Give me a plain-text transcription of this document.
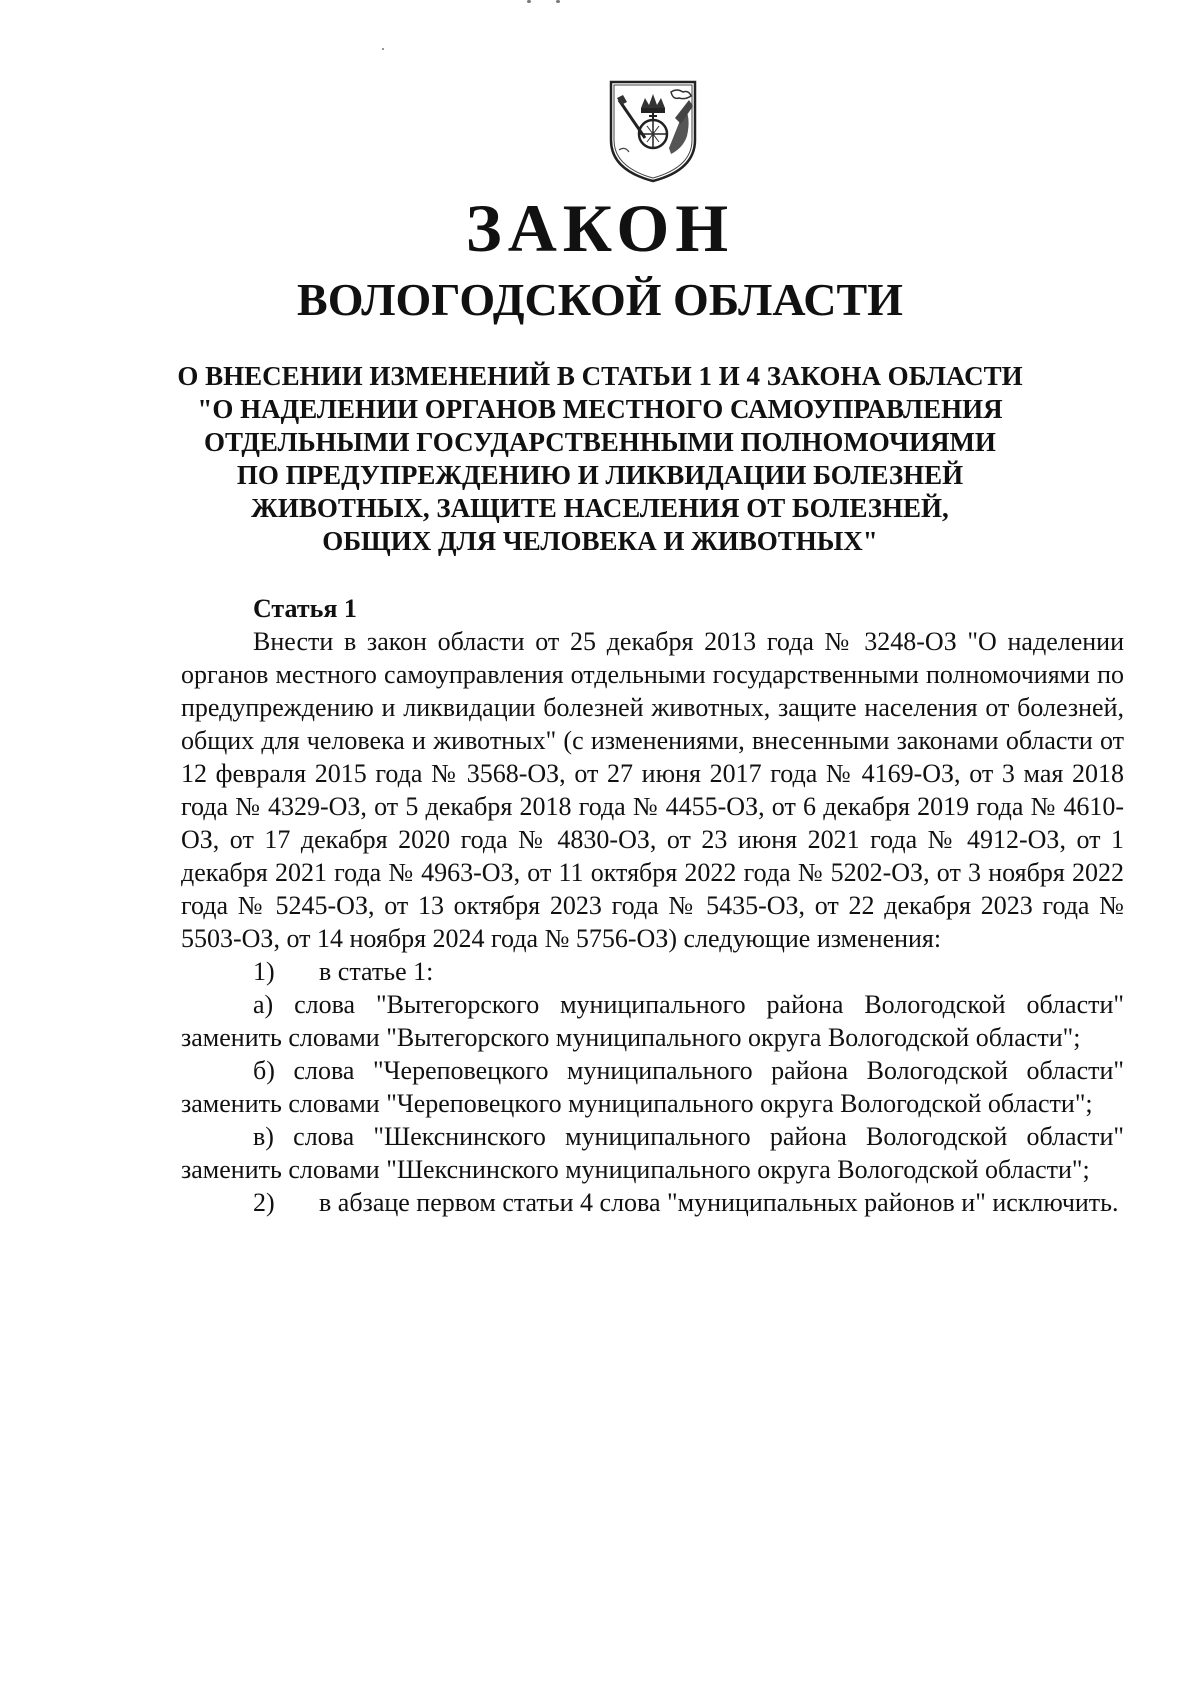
ЗАКОН
ВОЛОГОДСКОЙ ОБЛАСТИ
О ВНЕСЕНИИ ИЗМЕНЕНИЙ В СТАТЬИ 1 И 4 ЗАКОНА ОБЛАСТИ
"О НАДЕЛЕНИИ ОРГАНОВ МЕСТНОГО САМОУПРАВЛЕНИЯ
ОТДЕЛЬНЫМИ ГОСУДАРСТВЕННЫМИ ПОЛНОМОЧИЯМИ
ПО ПРЕДУПРЕЖДЕНИЮ И ЛИКВИДАЦИИ БОЛЕЗНЕЙ
ЖИВОТНЫХ, ЗАЩИТЕ НАСЕЛЕНИЯ ОТ БОЛЕЗНЕЙ,
ОБЩИХ ДЛЯ ЧЕЛОВЕКА И ЖИВОТНЫХ"
Статья 1

Внести в закон области от 25 декабря 2013 года № 3248-ОЗ "О наделении органов местного самоуправления отдельными государственными полномочиями по предупреждению и ликвидации болезней животных, защите населения от болезней, общих для человека и животных" (с изменениями, внесенными законами области от 12 февраля 2015 года № 3568-ОЗ, от 27 июня 2017 года № 4169-ОЗ, от 3 мая 2018 года № 4329-ОЗ, от 5 декабря 2018 года № 4455-ОЗ, от 6 декабря 2019 года № 4610-ОЗ, от 17 декабря 2020 года № 4830-ОЗ, от 23 июня 2021 года № 4912-ОЗ, от 1 декабря 2021 года № 4963-ОЗ, от 11 октября 2022 года № 5202-ОЗ, от 3 ноября 2022 года № 5245-ОЗ, от 13 октября 2023 года № 5435-ОЗ, от 22 декабря 2023 года № 5503-ОЗ, от 14 ноября 2024 года № 5756-ОЗ) следующие изменения:

1) в статье 1:

а) слова "Вытегорского муниципального района Вологодской области" заменить словами "Вытегорского муниципального округа Вологодской области";

б) слова "Череповецкого муниципального района Вологодской области" заменить словами "Череповецкого муниципального округа Вологодской области";

в) слова "Шекснинского муниципального района Вологодской области" заменить словами "Шекснинского муниципального округа Вологодской области";

2) в абзаце первом статьи 4 слова "муниципальных районов и" исключить.
